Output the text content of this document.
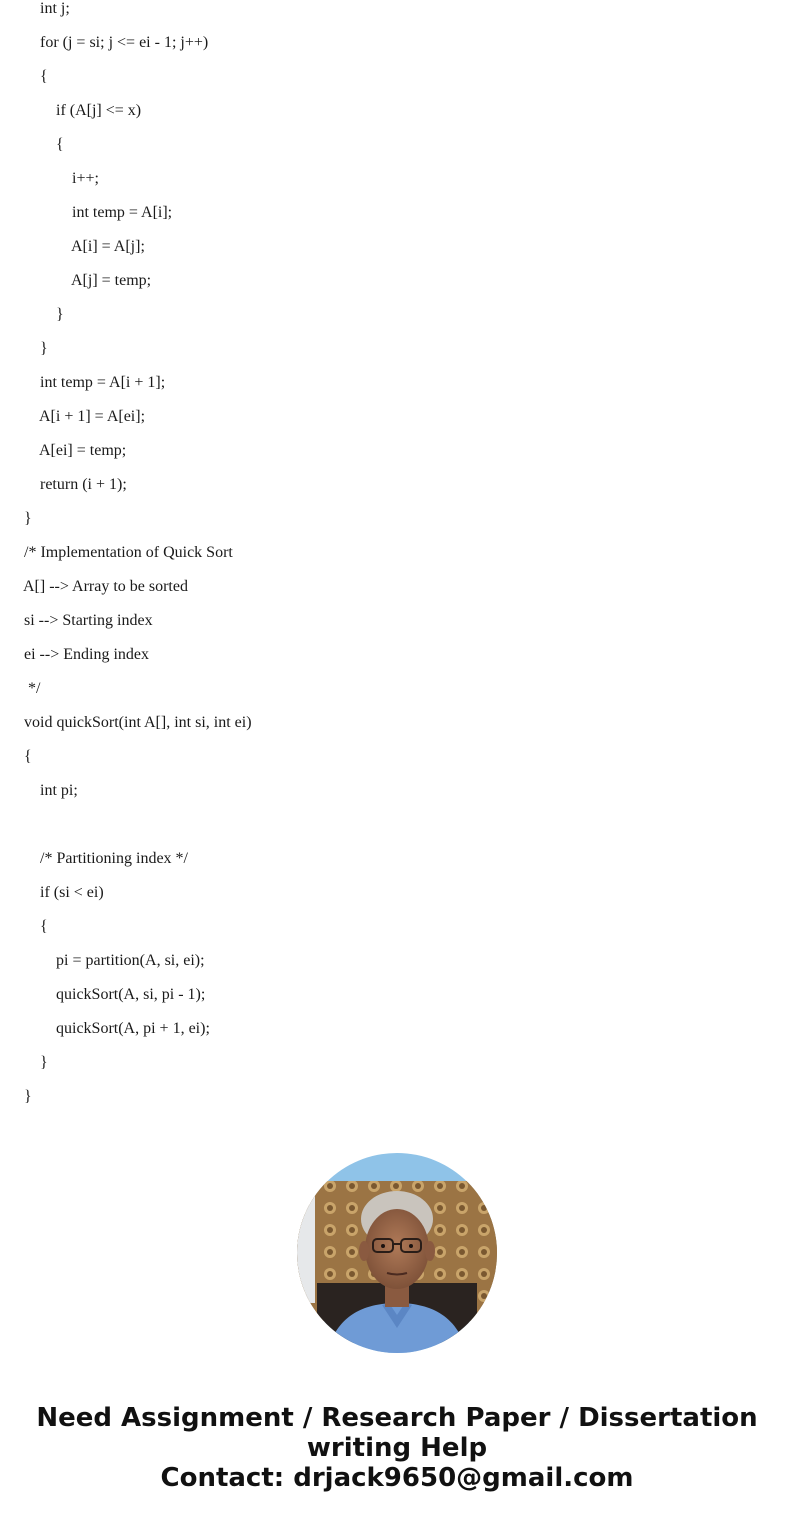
int j;
for (j = si; j <= ei - 1; j++)
{
if (A[j] <= x)
{
i++;
int temp = A[i];
A[i] = A[j];
A[j] = temp;
}
}
int temp = A[i + 1];
A[i + 1] = A[ei];
A[ei] = temp;
return (i + 1);
}
/* Implementation of Quick Sort
A[] --> Array to be sorted
si --> Starting index
ei --> Ending index
*/
void quickSort(int A[], int si, int ei)
{
int pi;
/* Partitioning index */
if (si < ei)
{
pi = partition(A, si, ei);
quickSort(A, si, pi - 1);
quickSort(A, pi + 1, ei);
}
}
Need Assignment / Research Paper / Dissertation
writing Help
Contact: drjack9650@gmail.com
